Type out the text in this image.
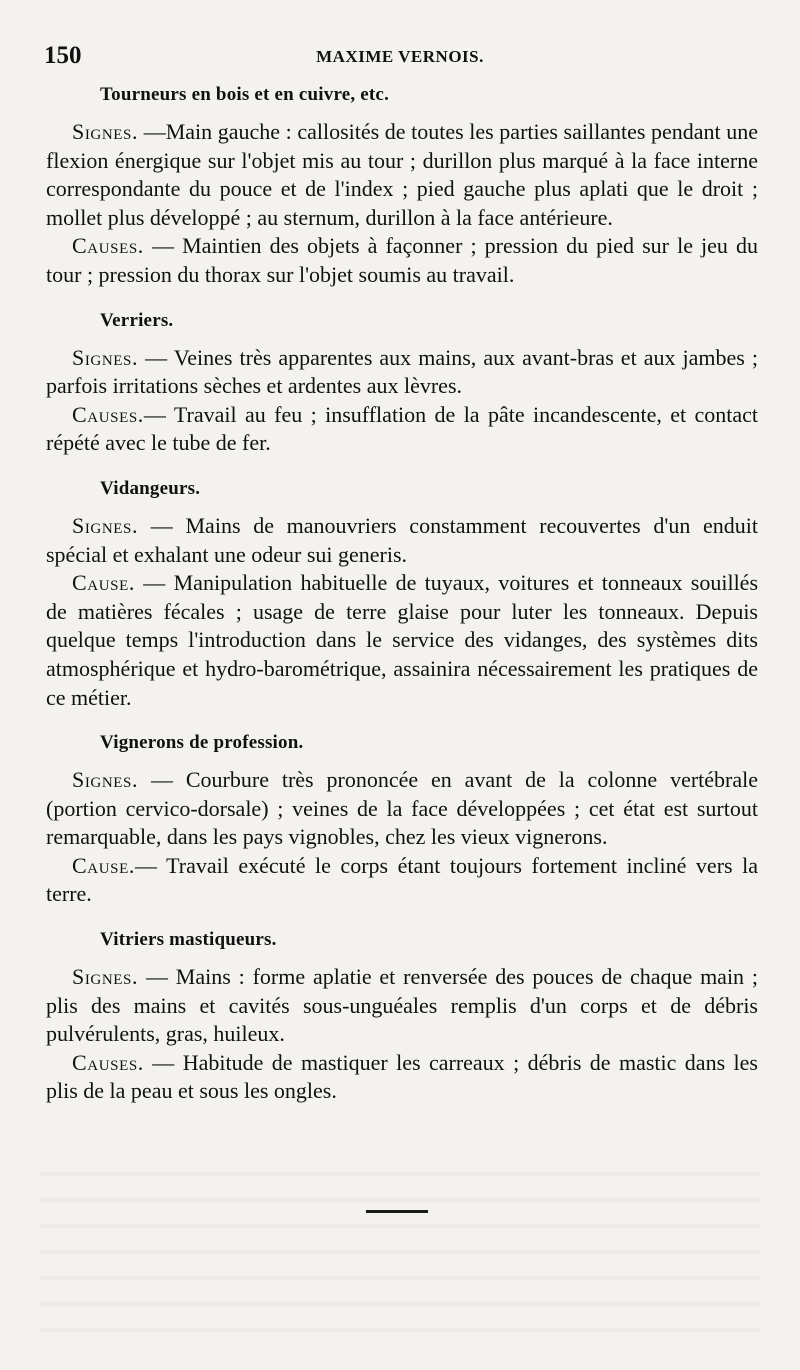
150	MAXIME VERNOIS.
Tourneurs en bois et en cuivre, etc.

Signes. —Main gauche : callosités de toutes les parties saillantes pendant une flexion énergique sur l'objet mis au tour ; durillon plus marqué à la face interne correspondante du pouce et de l'index ; pied gauche plus aplati que le droit ; mollet plus développé ; au sternum, durillon à la face antérieure.

Causes. — Maintien des objets à façonner ; pression du pied sur le jeu du tour ; pression du thorax sur l'objet soumis au travail.

Verriers.

Signes. — Veines très apparentes aux mains, aux avant-bras et aux jambes ; parfois irritations sèches et ardentes aux lèvres.

Causes.— Travail au feu ; insufflation de la pâte incandescente, et contact répété avec le tube de fer.

Vidangeurs.

Signes. — Mains de manouvriers constamment recouvertes d'un enduit spécial et exhalant une odeur sui generis.

Cause. — Manipulation habituelle de tuyaux, voitures et tonneaux souillés de matières fécales ; usage de terre glaise pour luter les tonneaux. Depuis quelque temps l'introduction dans le service des vidanges, des systèmes dits atmosphérique et hydro-barométrique, assainira nécessairement les pratiques de ce métier.

Vignerons de profession.

Signes. — Courbure très prononcée en avant de la colonne vertébrale (portion cervico-dorsale) ; veines de la face développées ; cet état est surtout remarquable, dans les pays vignobles, chez les vieux vignerons.

Cause.— Travail exécuté le corps étant toujours fortement incliné vers la terre.

Vitriers mastiqueurs.

Signes. — Mains : forme aplatie et renversée des pouces de chaque main ; plis des mains et cavités sous-unguéales remplis d'un corps et de débris pulvérulents, gras, huileux.

Causes. — Habitude de mastiquer les carreaux ; débris de mastic dans les plis de la peau et sous les ongles.
